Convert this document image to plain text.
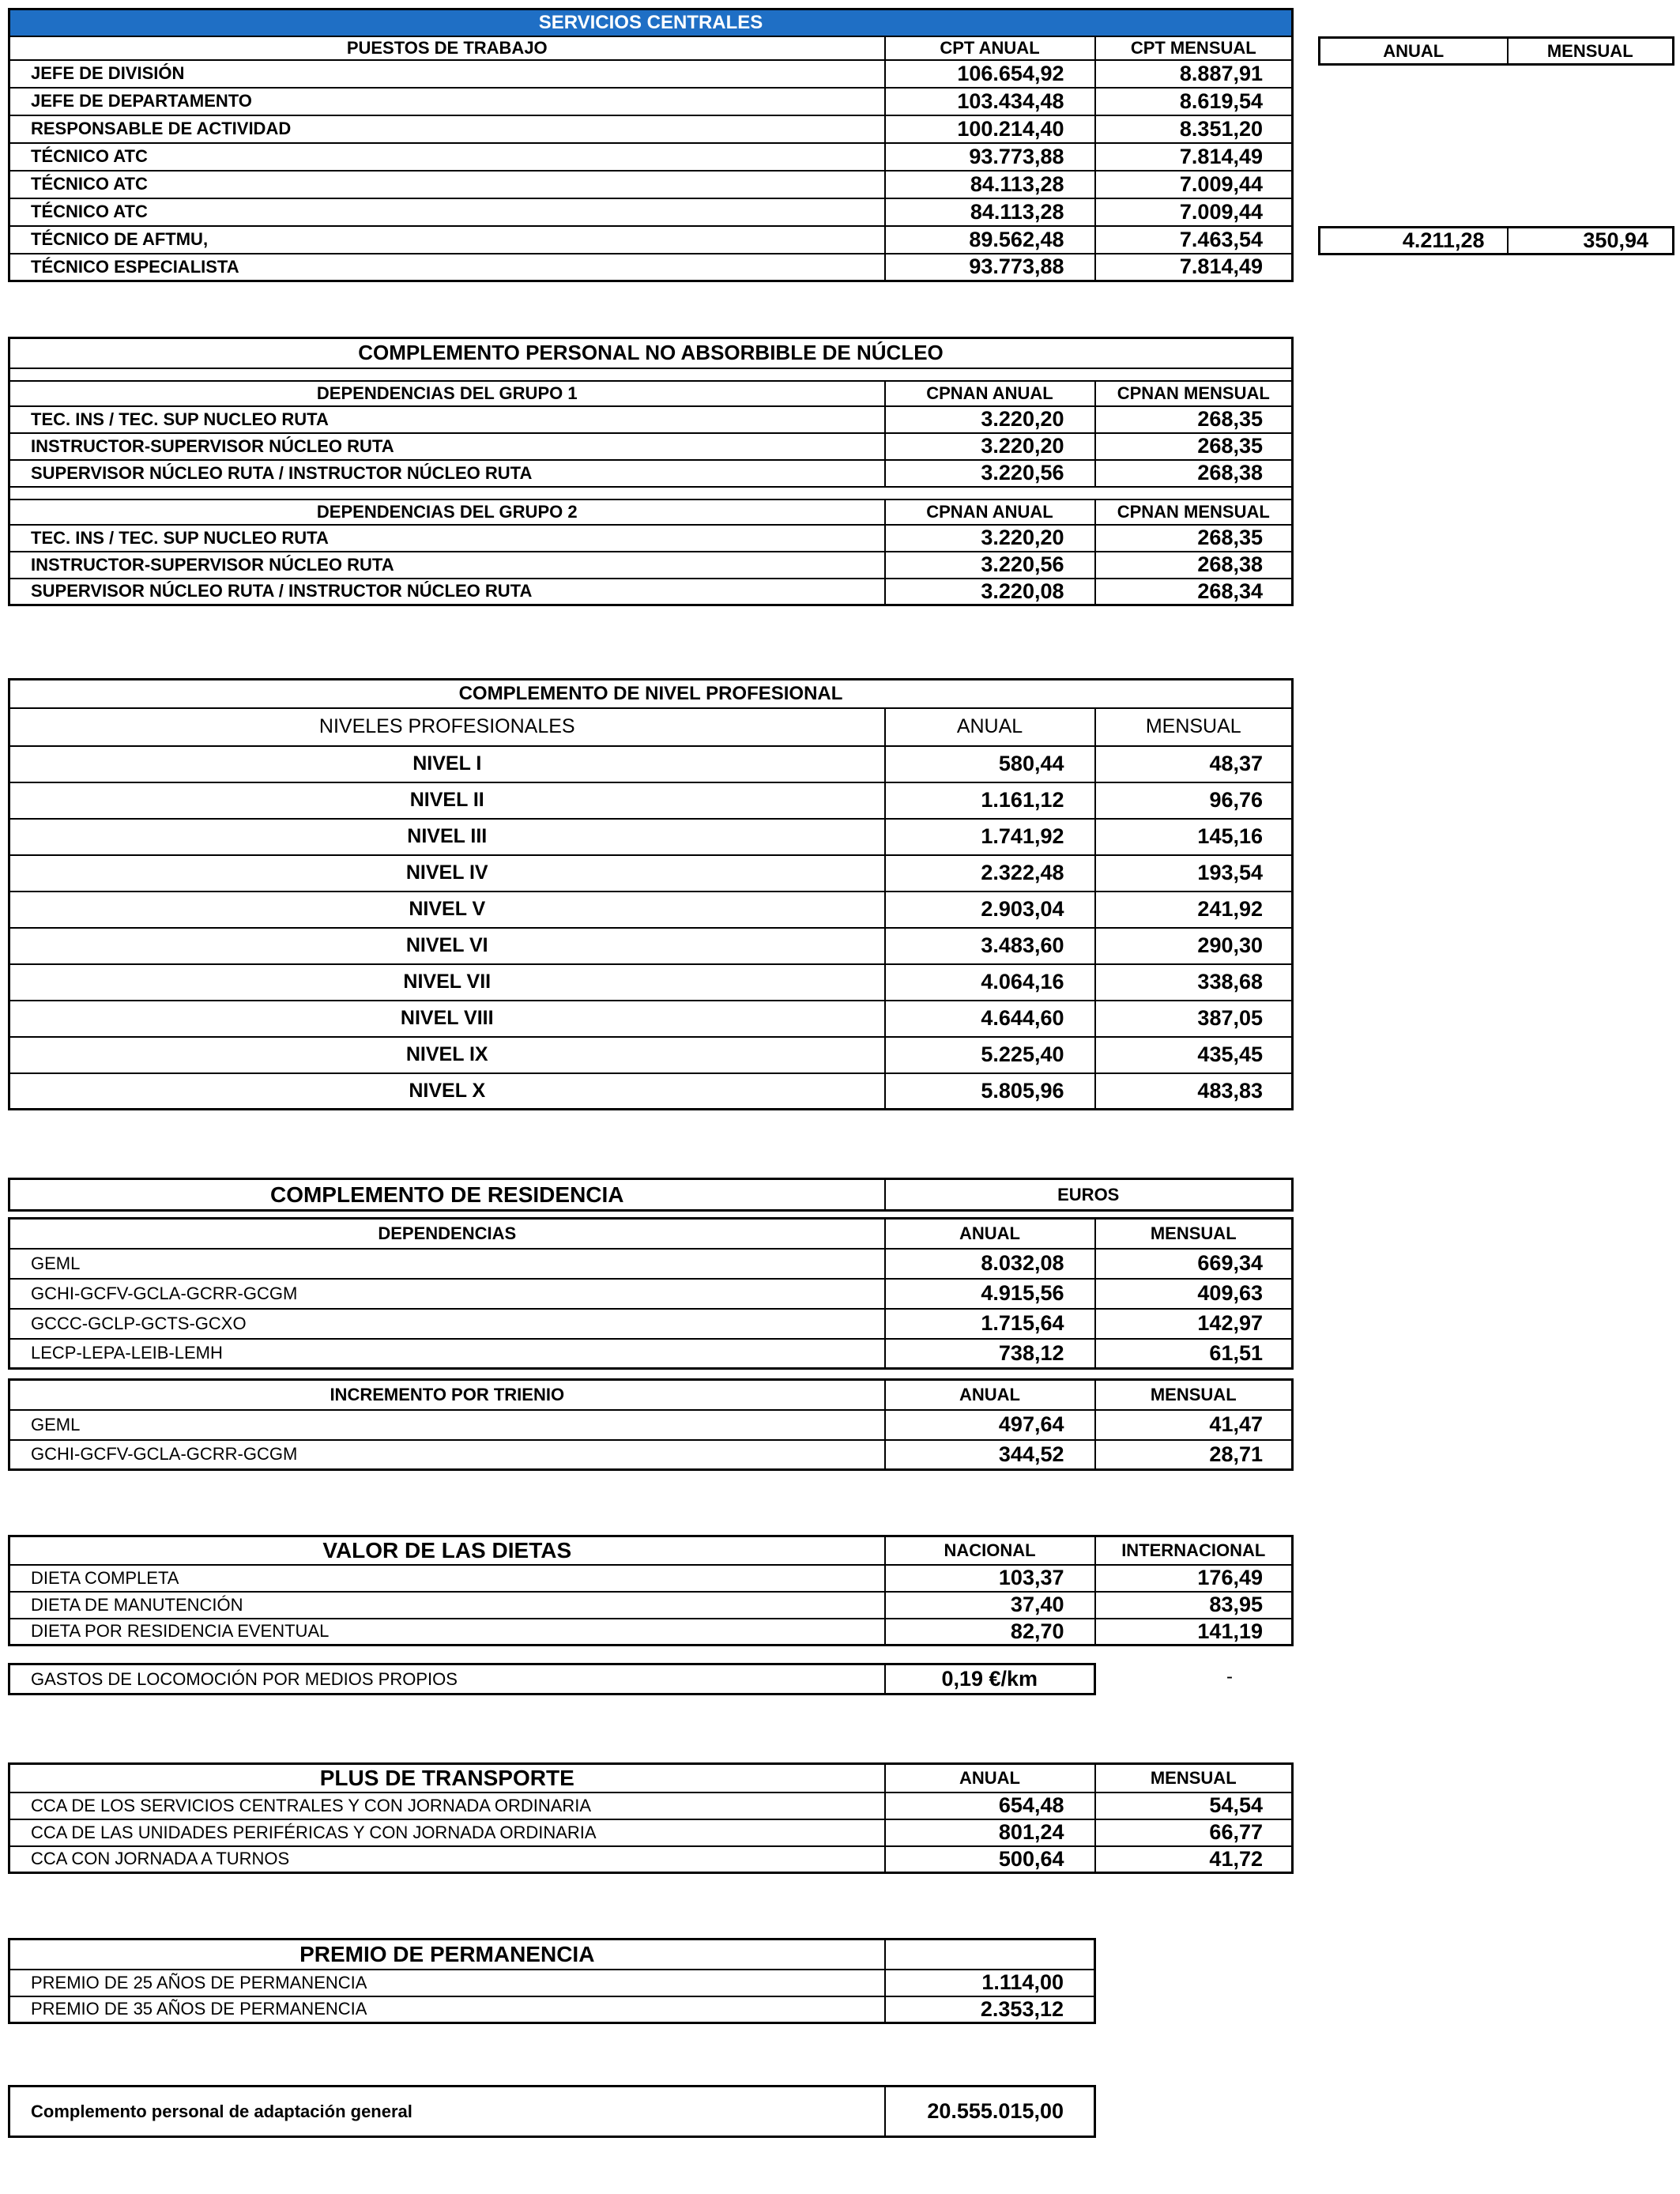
SERVICIOS CENTRALES		
PUESTOS DE TRABAJO	CPT ANUAL	CPT MENSUAL
JEFE DE DIVISIÓN	106.654,92	8.887,91
JEFE DE DEPARTAMENTO	103.434,48	8.619,54
RESPONSABLE DE ACTIVIDAD	100.214,40	8.351,20
TÉCNICO ATC	93.773,88	7.814,49
TÉCNICO ATC	84.113,28	7.009,44
TÉCNICO ATC	84.113,28	7.009,44
TÉCNICO DE AFTMU,	89.562,48	7.463,54
TÉCNICO ESPECIALISTA	93.773,88	7.814,49
ANUAL	MENSUAL
4.211,28	350,94
COMPLEMENTO PERSONAL NO ABSORBIBLE DE NÚCLEO		

DEPENDENCIAS DEL GRUPO 1	CPNAN ANUAL	CPNAN MENSUAL
TEC. INS / TEC. SUP NUCLEO RUTA	3.220,20	268,35
INSTRUCTOR-SUPERVISOR NÚCLEO RUTA	3.220,20	268,35
SUPERVISOR NÚCLEO RUTA / INSTRUCTOR NÚCLEO RUTA	3.220,56	268,38

DEPENDENCIAS DEL GRUPO 2	CPNAN ANUAL	CPNAN MENSUAL
TEC. INS / TEC. SUP NUCLEO RUTA	3.220,20	268,35
INSTRUCTOR-SUPERVISOR NÚCLEO RUTA	3.220,56	268,38
SUPERVISOR NÚCLEO RUTA / INSTRUCTOR NÚCLEO RUTA	3.220,08	268,34
COMPLEMENTO DE NIVEL PROFESIONAL		
NIVELES PROFESIONALES	ANUAL	MENSUAL
NIVEL I	580,44	48,37
NIVEL II	1.161,12	96,76
NIVEL III	1.741,92	145,16
NIVEL IV	2.322,48	193,54
NIVEL V	2.903,04	241,92
NIVEL VI	3.483,60	290,30
NIVEL VII	4.064,16	338,68
NIVEL VIII	4.644,60	387,05
NIVEL IX	5.225,40	435,45
NIVEL X	5.805,96	483,83
COMPLEMENTO DE RESIDENCIA	EUROS
DEPENDENCIAS	ANUAL	MENSUAL
GEML	8.032,08	669,34
GCHI-GCFV-GCLA-GCRR-GCGM	4.915,56	409,63
GCCC-GCLP-GCTS-GCXO	1.715,64	142,97
LECP-LEPA-LEIB-LEMH	738,12	61,51
INCREMENTO POR TRIENIO	ANUAL	MENSUAL
GEML	497,64	41,47
GCHI-GCFV-GCLA-GCRR-GCGM	344,52	28,71
VALOR DE LAS DIETAS	NACIONAL	INTERNACIONAL
DIETA COMPLETA	103,37	176,49
DIETA DE MANUTENCIÓN	37,40	83,95
DIETA POR RESIDENCIA EVENTUAL	82,70	141,19
GASTOS DE LOCOMOCIÓN POR MEDIOS PROPIOS	0,19 €/km	-
PLUS DE TRANSPORTE	ANUAL	MENSUAL
CCA DE LOS SERVICIOS CENTRALES Y CON JORNADA ORDINARIA	654,48	54,54
CCA DE LAS UNIDADES PERIFÉRICAS Y CON JORNADA ORDINARIA	801,24	66,77
CCA CON JORNADA A TURNOS	500,64	41,72
PREMIO DE PERMANENCIA	
PREMIO DE 25 AÑOS DE PERMANENCIA	1.114,00
PREMIO DE 35 AÑOS DE PERMANENCIA	2.353,12
Complemento personal de adaptación general	20.555.015,00
